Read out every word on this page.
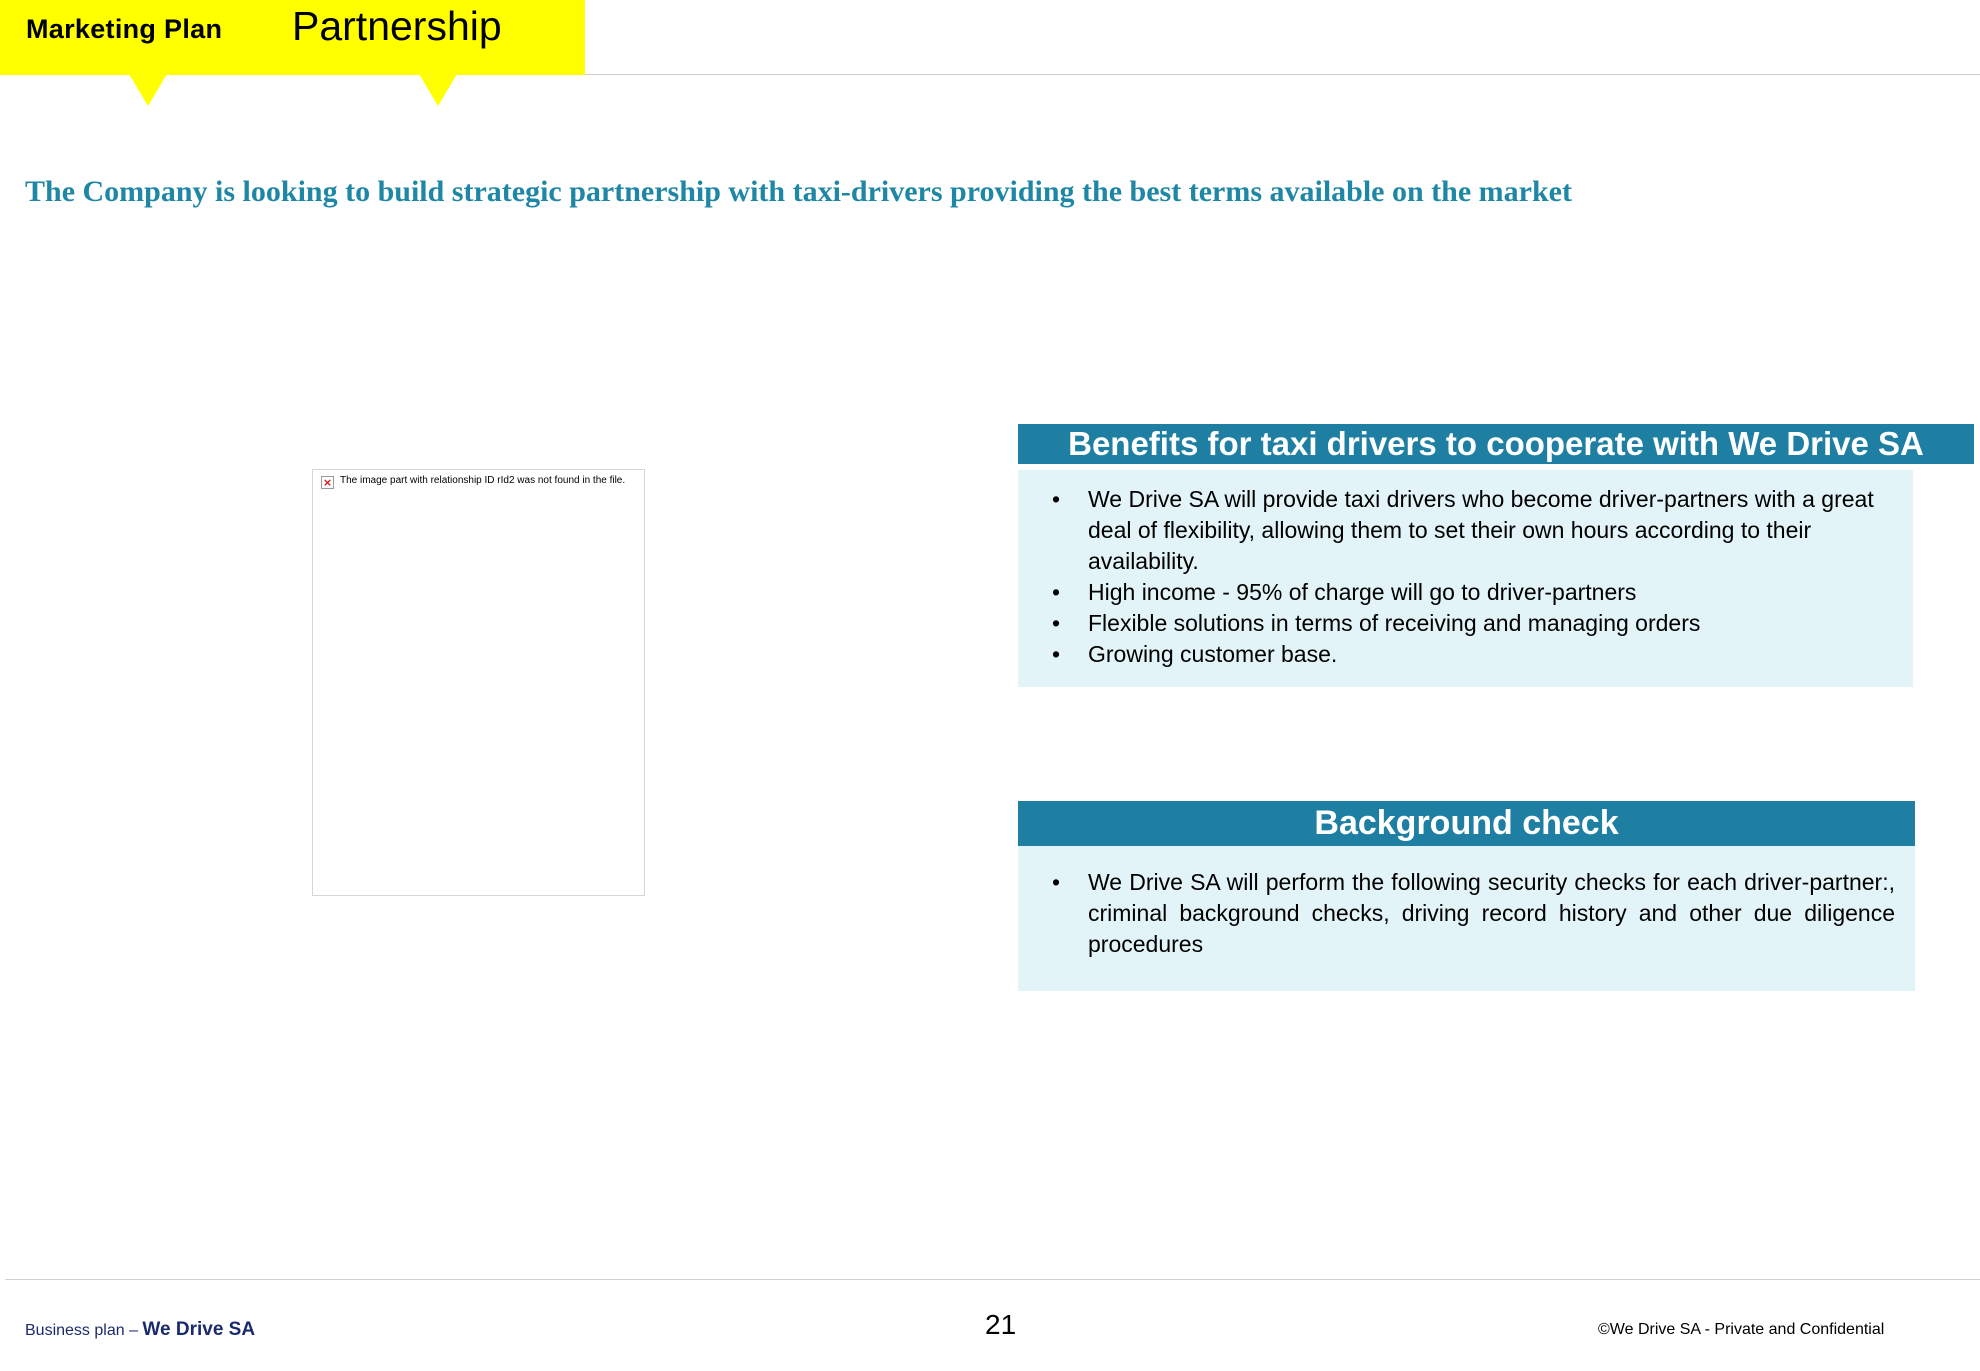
Marketing Plan Partnership
The Company is looking to build strategic partnership with taxi-drivers providing the best terms available on the market
× The image part with relationship ID rId2 was not found in the file.
Benefits for taxi drivers to cooperate with We Drive SA
• We Drive SA will provide taxi drivers who become driver-partners with a great deal of flexibility, allowing them to set their own hours according to their availability.
• High income - 95% of charge will go to driver-partners
• Flexible solutions in terms of receiving and managing orders
• Growing customer base.
Background check
• We Drive SA will perform the following security checks for each driver-partner:, criminal background checks, driving record history and other due diligence procedures
Business plan – We Drive SA	21	©We Drive SA - Private and Confidential
